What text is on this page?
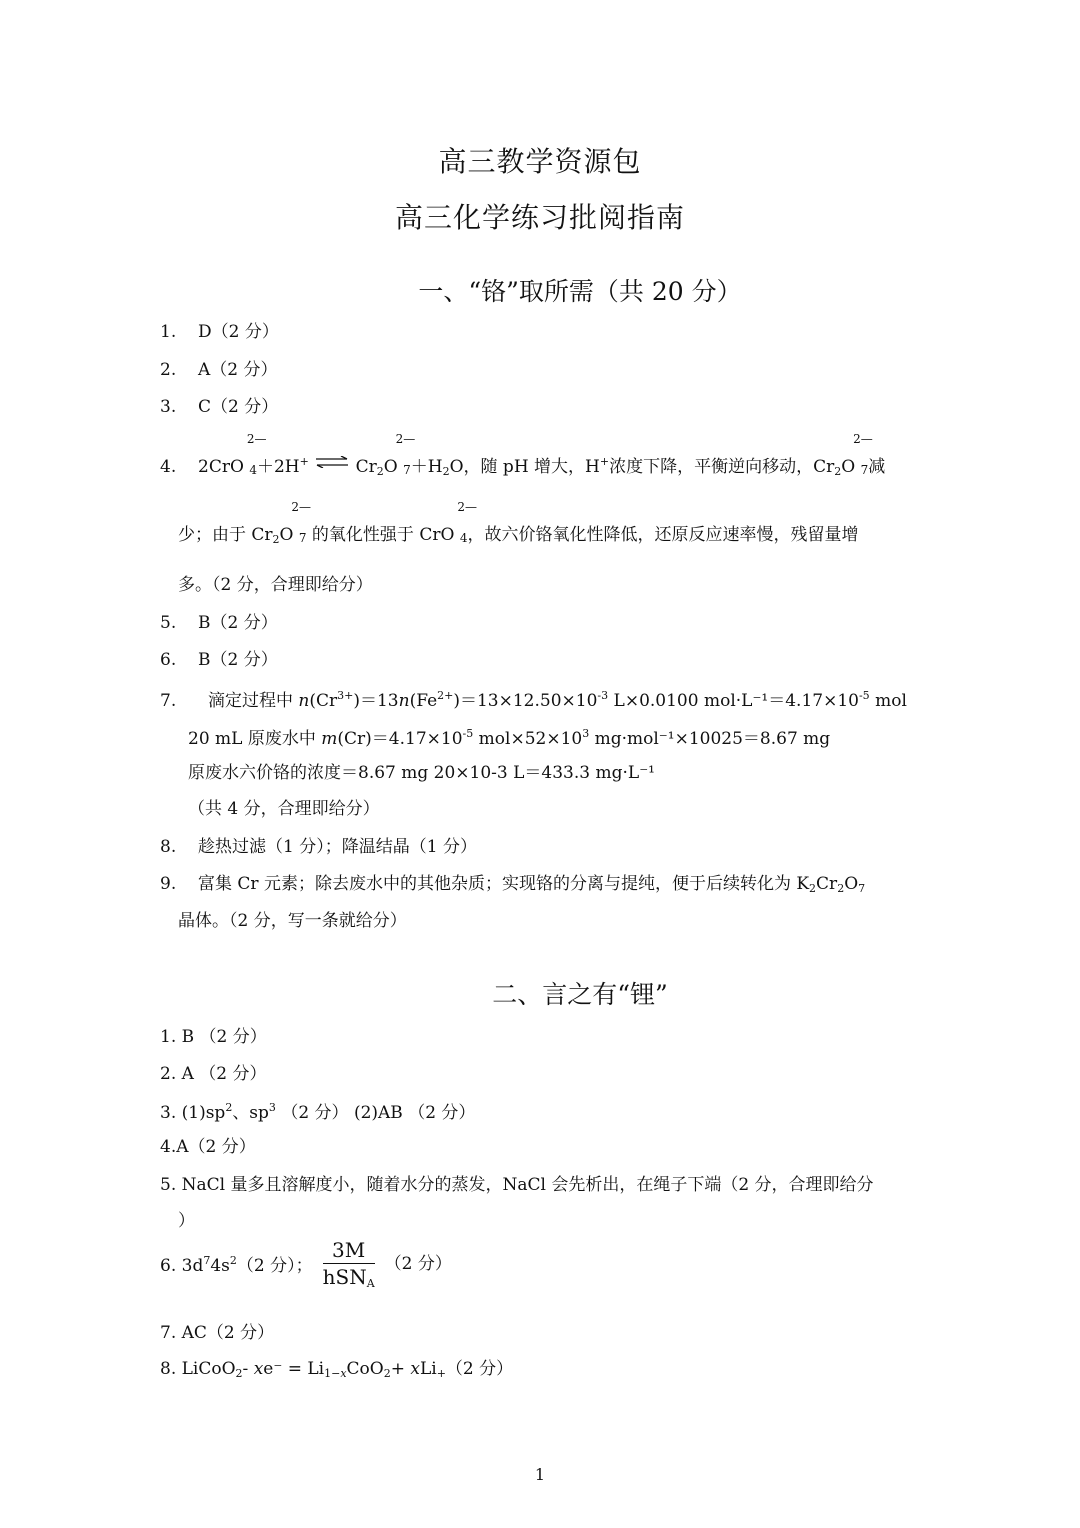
高三教学资源包
高三化学练习批阅指南
一、“铬”取所需（共 20 分）
1. D（2 分）
2. A（2 分）
3. C（2 分）
4. 2CrO
2—
4＋2H+ ⇌ $Cr_2O$
2—
$7+H_2O$，随 pH 增大，H+浓度下降，平衡逆向移动，$Cr_2O$
2—
7减
少；由于 $Cr_2O$
2—
7 的氧化性强于 CrO
2—
4，故六价铬氧化性降低，还原反应速率慢，残留量增
多。（2 分，合理即给分）
5. B（2 分）
6. B（2 分）
7. 滴定过程中 $n(Cr^{3+})=13n(Fe^{2+})=13\times 12.50\times 10^{-3}$ L×0.0100 $mol\cdot L^{-1}=4.17\times 10^{-5}$ mol
20 mL 原废水中 $m(Cr)=4.17\times 10^{-5}$ $mol\times 52\times 10^3$ mg·mol⁻¹×10025＝8.67 mg
原废水六价铬的浓度＝8.67 mg 20×10-3 L＝433.3 mg·L⁻¹
（共 4 分，合理即给分）
8. 趁热过滤（1 分）；降温结晶（1 分）
9. 富集 Cr 元素；除去废水中的其他杂质；实现铬的分离与提纯，便于后续转化为 $K_2Cr_2O_7$
晶体。（2 分，写一条就给分）
二、言之有“锂”
1. B （2 分）
2. A （2 分）
3. $(1)sp^2$、$sp^3$ （2 分） (2)AB （2 分）
4.A（2 分）
5. NaCl 量多且溶解度小，随着水分的蒸发，NaCl 会先析出，在绳子下端（2 分，合理即给分
）
6. $3d^74s^2(2$ 分）； $\frac{3M}{hSN_A} (2$ 分）
7. AC（2 分）
8. LiCoO$_2$- $xe^- = Li_{1-x}CoO_2+ xLi_+(2$ 分）
1
